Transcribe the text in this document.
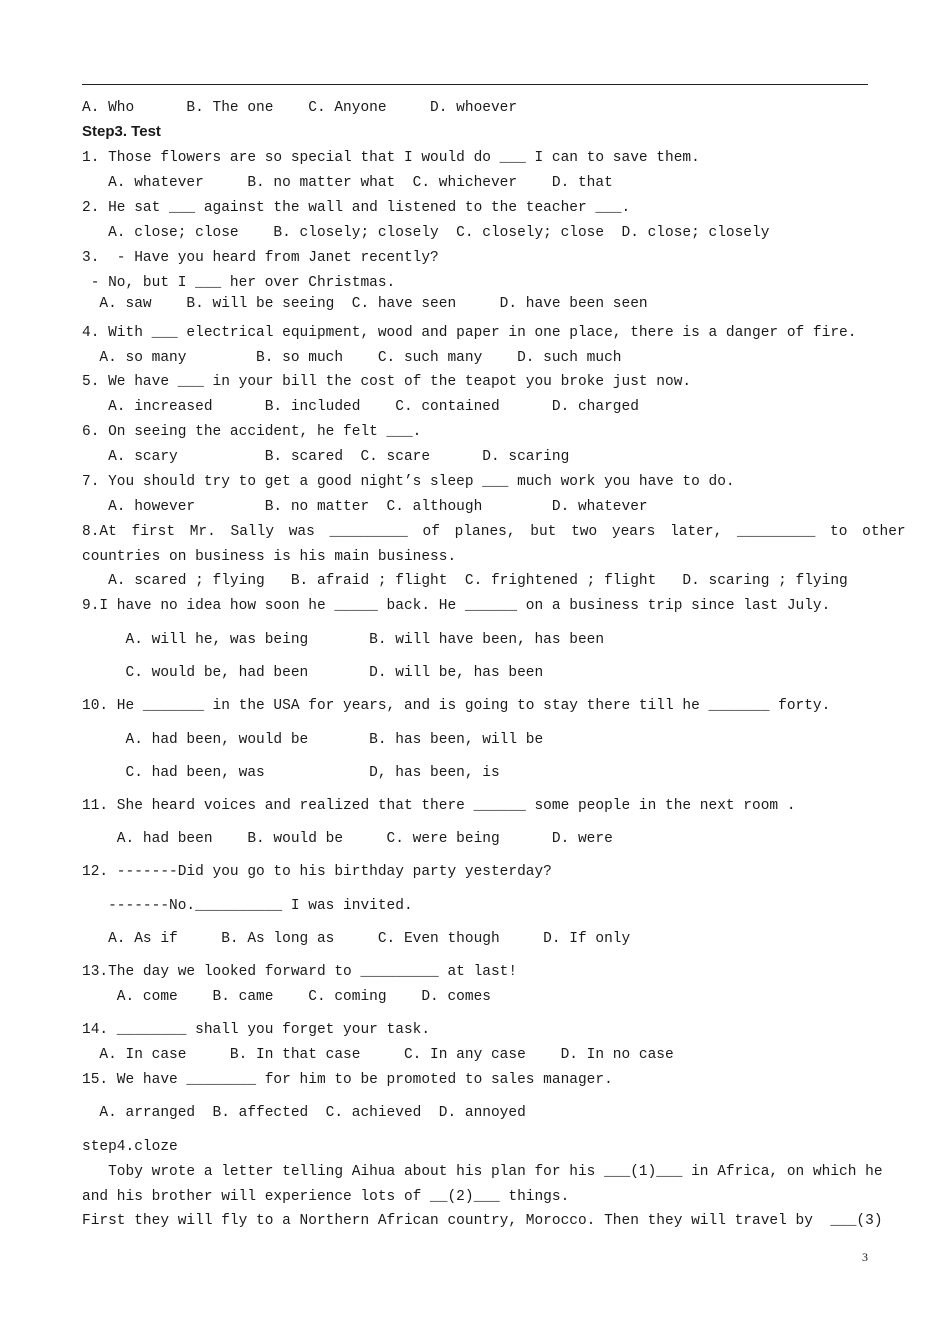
A. Who      B. The one    C. Anyone     D. whoever
Step3. Test
1. Those flowers are so special that I would do ___ I can to save them.
A. whatever     B. no matter what  C. whichever    D. that
2. He sat ___ against the wall and listened to the teacher ___.
A. close; close    B. closely; closely  C. closely; close  D. close; closely
3.  - Have you heard from Janet recently?
- No, but I ___ her over Christmas.
A. saw    B. will be seeing  C. have seen     D. have been seen
4. With ___ electrical equipment, wood and paper in one place, there is a danger of fire.
A. so many        B. so much    C. such many    D. such much
5. We have ___ in your bill the cost of the teapot you broke just now.
A. increased      B. included    C. contained      D. charged
6. On seeing the accident, he felt ___.
A. scary          B. scared  C. scare      D. scaring
7. You should try to get a good night’s sleep ___ much work you have to do.
A. however        B. no matter  C. although        D. whatever
8.At first Mr. Sally was _________ of planes, but two years later, _________ to other
countries on business is his main business.
A. scared ; flying   B. afraid ; flight  C. frightened ; flight   D. scaring ; flying
9.I have no idea how soon he _____ back. He ______ on a business trip since last July.
A. will he, was being       B. will have been, has been
C. would be, had been       D. will be, has been
10. He _______ in the USA for years, and is going to stay there till he _______ forty.
A. had been, would be       B. has been, will be
C. had been, was            D, has been, is
11. She heard voices and realized that there ______ some people in the next room .
A. had been    B. would be     C. were being      D. were
12. -------Did you go to his birthday party yesterday?
-------No.__________ I was invited.
A. As if     B. As long as     C. Even though     D. If only
13.The day we looked forward to _________ at last!
A. come    B. came    C. coming    D. comes
14. ________ shall you forget your task.
A. In case     B. In that case     C. In any case    D. In no case
15. We have ________ for him to be promoted to sales manager.
A. arranged  B. affected  C. achieved  D. annoyed
step4.cloze
Toby wrote a letter telling Aihua about his plan for his ___(1)___ in Africa, on which he
and his brother will experience lots of __(2)___ things.
First they will fly to a Northern African country, Morocco. Then they will travel by  ___(3)
3
